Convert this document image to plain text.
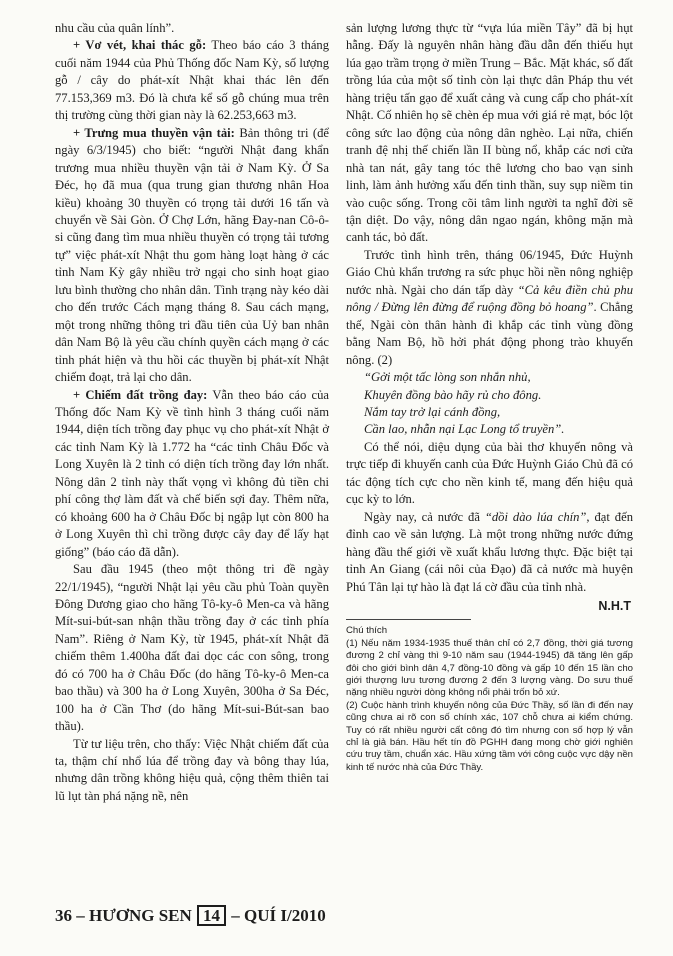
nhu cầu của quân lính”.

+ Vơ vét, khai thác gỗ: Theo báo cáo 3 tháng cuối năm 1944 của Phủ Thống đốc Nam Kỳ, số lượng gỗ / cây do phát-xít Nhật khai thác lên đến 77.153,369 m3. Đó là chưa kể số gỗ chúng mua trên thị trường cùng thời gian này là 62.253,663 m3.

+ Trưng mua thuyền vận tải: Bản thông tri (để ngày 6/3/1945) cho biết: “người Nhật đang khẩn trương mua nhiều thuyền vận tải ở Nam Kỳ. Ở Sa Đéc, họ đã mua (qua trung gian thương nhân Hoa kiều) khoảng 30 thuyền có trọng tải dưới 16 tấn và chuyển về Sài Gòn. Ở Chợ Lớn, hãng Đay-nan Cô-ô-si cũng đang tìm mua nhiều thuyền có trọng tải tương tự” việc phát-xít Nhật thu gom hàng loạt hàng ở các tỉnh Nam Kỳ gây nhiều trở ngại cho sinh hoạt giao lưu bình thường cho nhân dân. Tình trạng này kéo dài cho đến trước Cách mạng tháng 8. Sau cách mạng, một trong những thông tri đầu tiên của Uỷ ban nhân dân Nam Bộ là yêu cầu chính quyền cách mạng ở các tỉnh phát hiện và thu hồi các thuyền bị phát-xít Nhật chiếm đoạt, trả lại cho dân.

+ Chiếm đất trồng đay: Vẫn theo báo cáo của Thống đốc Nam Kỳ về tình hình 3 tháng cuối năm 1944, diện tích trồng đay phục vụ cho phát-xít Nhật ở các tỉnh Nam Kỳ là 1.772 ha “các tỉnh Châu Đốc và Long Xuyên là 2 tỉnh có diện tích trồng đay lớn nhất. Nông dân 2 tỉnh này thất vọng vì không đủ tiền chi phí công thợ làm đất và chế biến sợi đay. Thêm nữa, có khoảng 600 ha ở Châu Đốc bị ngập lụt còn 800 ha ở Long Xuyên thì chỉ trồng được cây đay để lấy hạt giống” (báo cáo đã dẫn).

Sau đầu 1945 (theo một thông tri đề ngày 22/1/1945), “người Nhật lại yêu cầu phủ Toàn quyền Đông Dương giao cho hãng Tô-ky-ô Men-ca và hãng Mít-sui-bút-san nhận thầu trồng đay ở các tỉnh phía Nam”. Riêng ở Nam Kỳ, từ 1945, phát-xít Nhật đã chiếm thêm 1.400ha đất đai dọc các con sông, trong đó có 700 ha ở Châu Đốc (do hãng Tô-ky-ô Men-ca bao thầu) và 300 ha ở Long Xuyên, 300ha ở Sa Đéc, 100 ha ở Cần Thơ (do hãng Mít-sui-Bút-san bao thầu).

Từ tư liệu trên, cho thấy: Việc Nhật chiếm đất của ta, thậm chí nhổ lúa để trồng đay và bông thay lúa, nhưng dân trồng không hiệu quả, cộng thêm thiên tai lũ lụt tàn phá nặng nề, nên

sản lượng lương thực từ “vựa lúa miền Tây” đã bị hụt hẫng. Đấy là nguyên nhân hàng đầu dẫn đến thiếu hụt lúa gạo trầm trọng ở miền Trung – Bắc. Mặt khác, số đất trồng lúa của một số tỉnh còn lại thực dân Pháp thu vét hàng triệu tấn gạo để xuất cảng và cung cấp cho phát-xít Nhật. Cố nhiên họ sẽ chèn ép mua với giá rẻ mạt, bóc lột công sức lao động của nông dân nghèo. Lại nữa, chiến tranh đệ nhị thế chiến lần II bùng nổ, khắp các nơi cửa nhà tan nát, gây tang tóc thê lương cho bao vạn sinh linh, làm ảnh hưởng xấu đến tinh thần, suy sụp niềm tin vào cuộc sống. Trong cõi tâm linh người ta nghĩ đời sẽ tận diệt. Do vậy, nông dân ngao ngán, không mặn mà canh tác, bỏ đất.

Trước tình hình trên, tháng 06/1945, Đức Huỳnh Giáo Chủ khẩn trương ra sức phục hồi nền nông nghiệp nước nhà. Ngài cho dán tấp dày “Cả kêu điền chủ phu nông / Đừng lên đừng để ruộng đồng bỏ hoang”. Chẳng thế, Ngài còn thân hành đi khắp các tỉnh vùng đồng bằng Nam Bộ, hồ hởi phát động phong trào khuyến nông. (2)

“Gởi một tấc lòng son nhắn nhủ,
Khuyên đồng bào hãy rủ cho đông.
Nắm tay trở lại cánh đồng,
Cần lao, nhẫn nại Lạc Long tổ truyền”.

Có thể nói, diệu dụng của bài thơ khuyến nông và trực tiếp đi khuyến canh của Đức Huỳnh Giáo Chủ đã có tác động tích cực cho nền kinh tế, mang đến hiệu quả cục kỳ to lớn.

Ngày nay, cả nước đã “dồi dào lúa chín”, đạt đến đỉnh cao về sản lượng. Là một trong những nước đứng hàng đầu thế giới về xuất khẩu lương thực. Đặc biệt tại tỉnh An Giang (cái nôi của Đạo) đã cả nước mà huyện Phú Tân lại tự hào là đạt lá cờ đầu của tỉnh nhà.

N.H.T

Chú thích

(1) Nếu năm 1934-1935 thuế thân chỉ có 2,7 đồng, thời giá tương đương 2 chỉ vàng thì 9-10 năm sau (1944-1945) đã tăng lên gấp đôi cho giới bình dân 4,7 đồng-10 đồng và gấp 10 đến 15 lần cho giới thượng lưu tương đương 2 đến 3 lượng vàng. Do sưu thuế nặng nhiều người dòng không nổi phải trốn bỏ xứ.

(2) Cuộc hành trình khuyến nông của Đức Thầy, số lần đi đến nay cũng chưa ai rõ con số chính xác, 107 chỗ chưa ai kiểm chứng. Tuy có rất nhiều người cất công đó tìm nhưng con số hợp lý vẫn chỉ là giả bán. Hầu hết tín đồ PGHH đang mong chờ giới nghiên cứu truy tầm, chuẩn xác. Hầu xứng tầm với công cuộc vực dậy nền kinh tế nước nhà của Đức Thầy.

36 – HƯƠNG SEN 14 – QUÍ I/2010
